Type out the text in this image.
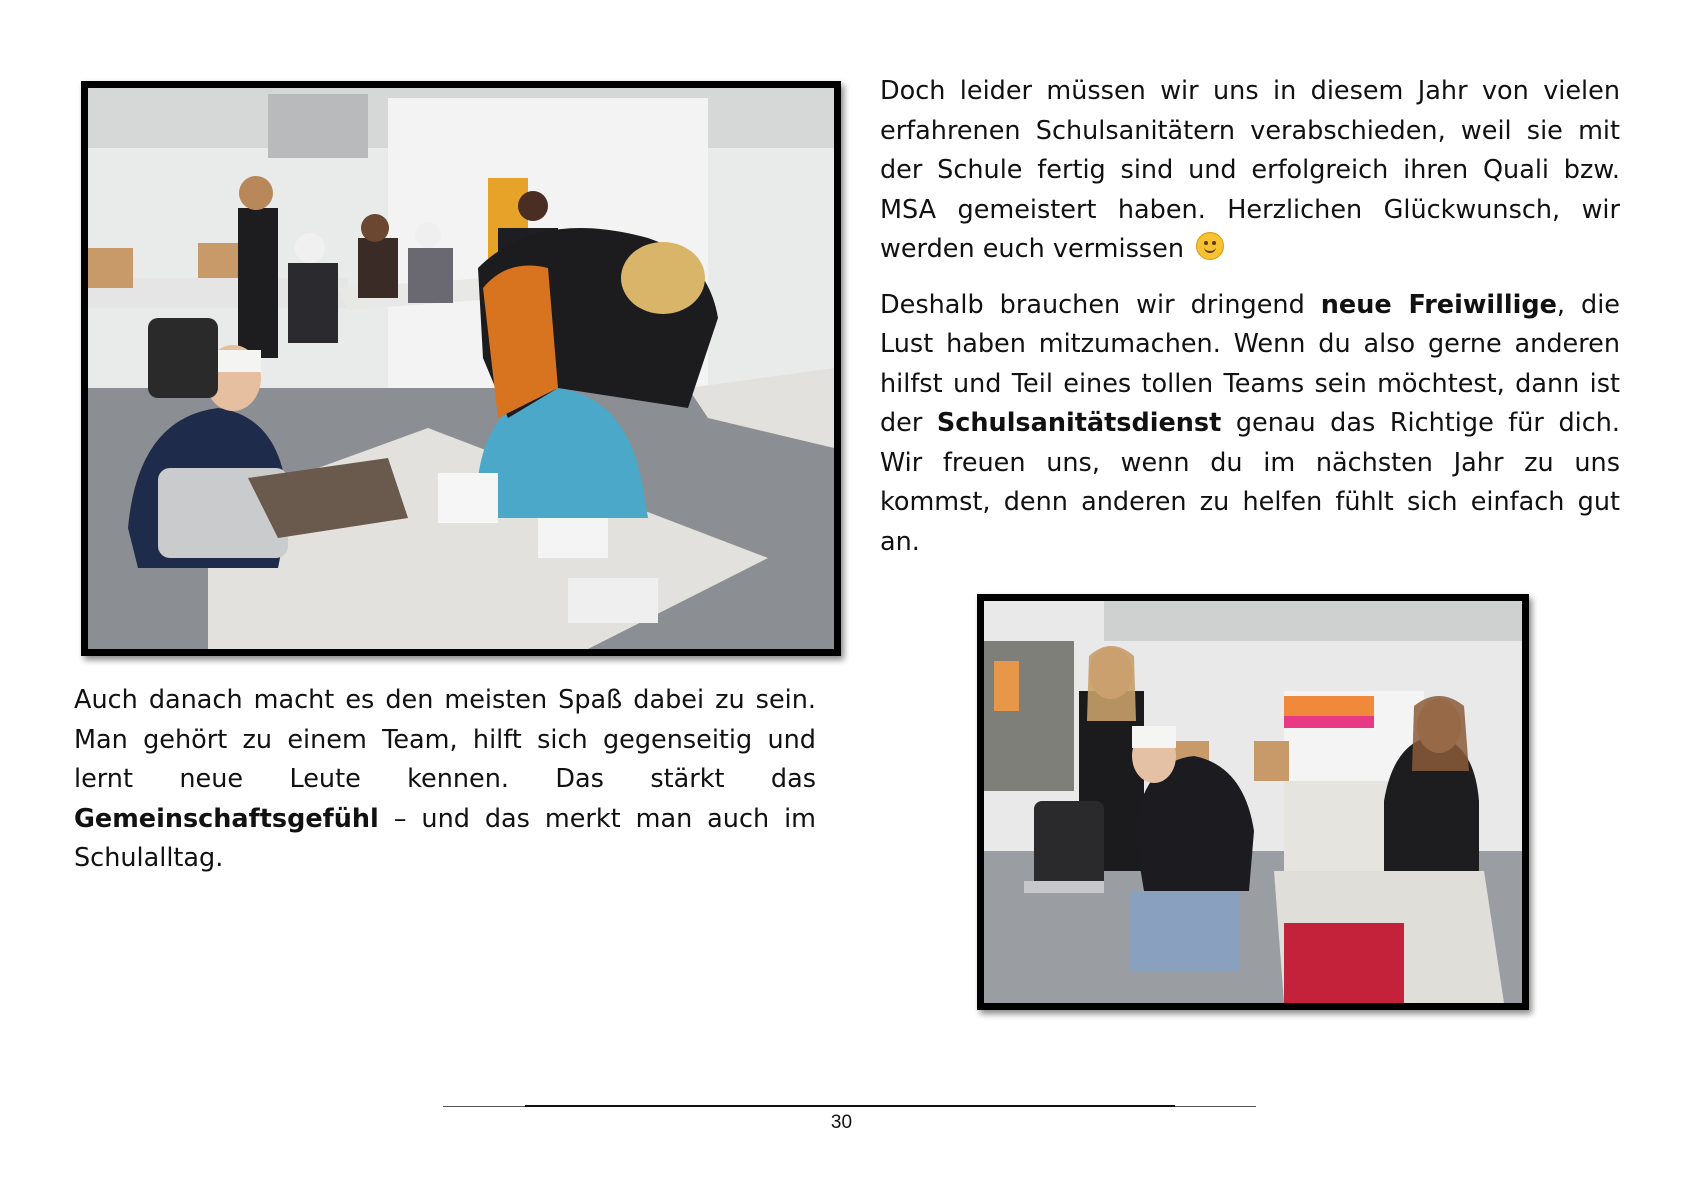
Doch leider müssen wir uns in diesem Jahr von vielen erfahrenen Schulsanitätern verabschieden, weil sie mit der Schule fertig sind und erfolgreich ihren Quali bzw. MSA gemeistert haben. Herzlichen Glückwunsch, wir werden euch vermissen

Deshalb brauchen wir dringend neue Freiwillige, die Lust haben mitzumachen. Wenn du also gerne anderen hilfst und Teil eines tollen Teams sein möchtest, dann ist der Schulsanitätsdienst genau das Richtige für dich. Wir freuen uns, wenn du im nächsten Jahr zu uns kommst, denn anderen zu helfen fühlt sich einfach gut an.

Auch danach macht es den meisten Spaß dabei zu sein. Man gehört zu einem Team, hilft sich gegenseitig und lernt neue Leute kennen. Das stärkt das Gemeinschaftsgefühl – und das merkt man auch im Schulalltag.

30
